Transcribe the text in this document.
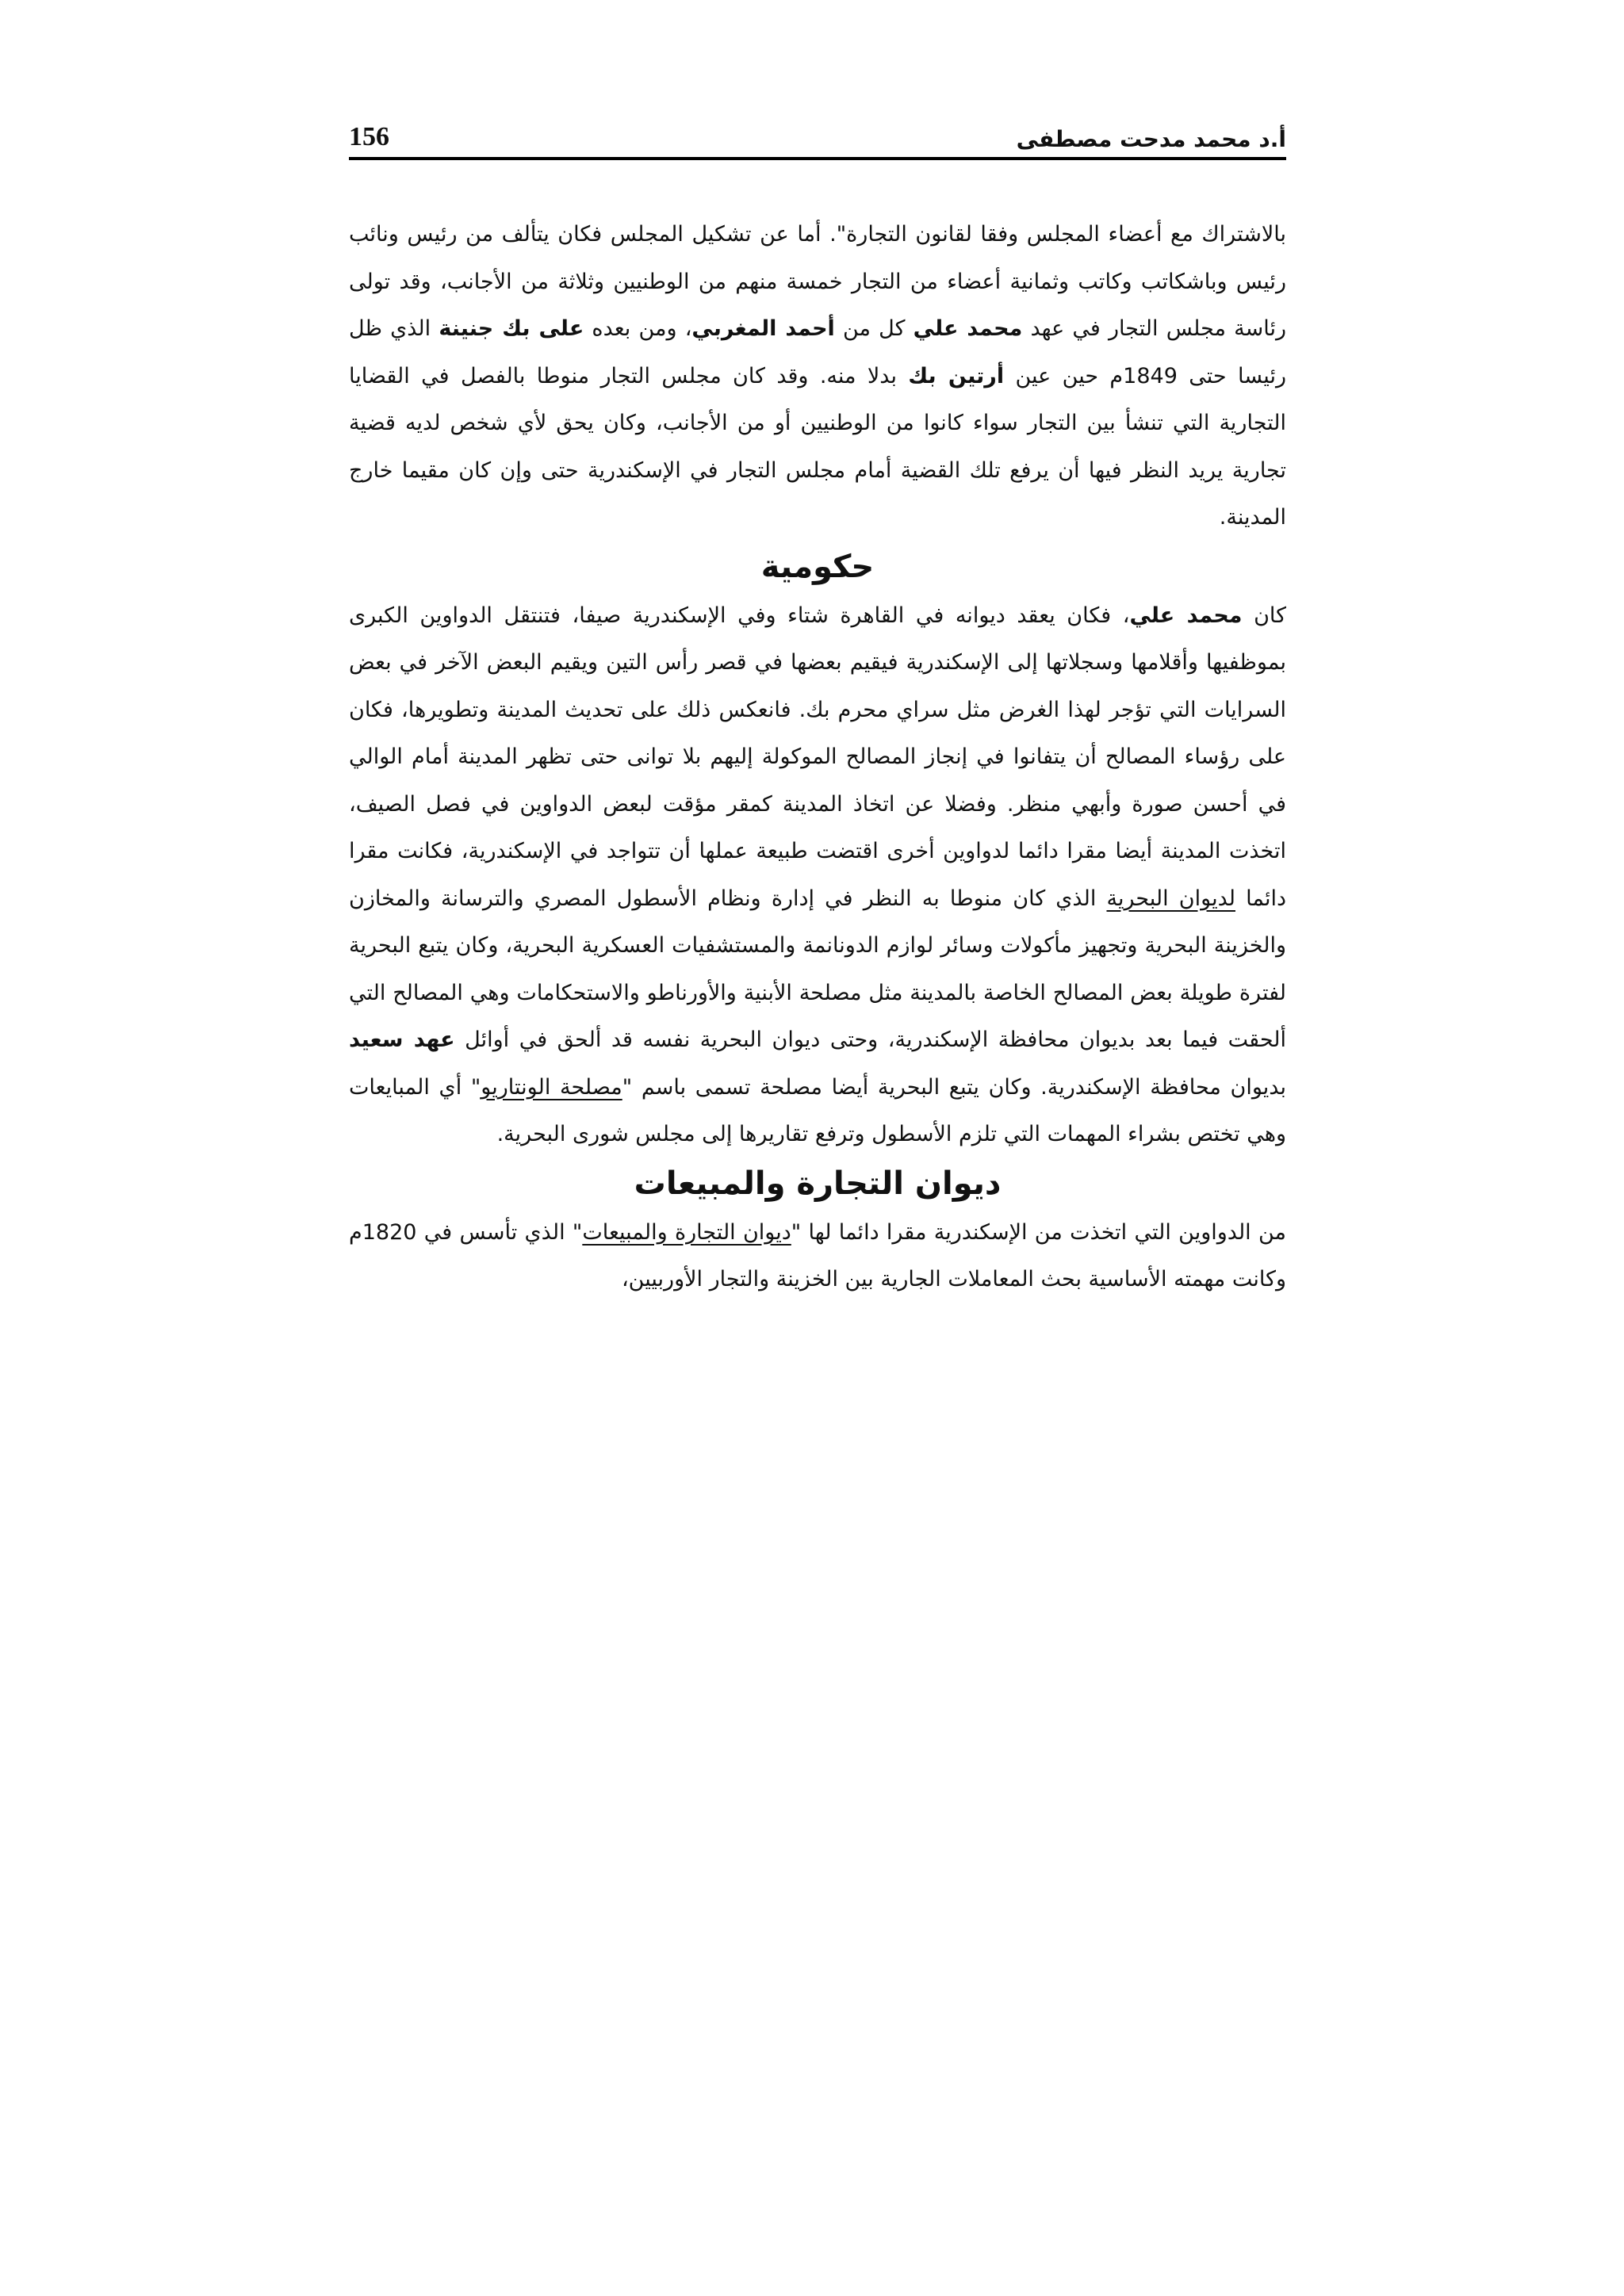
أ.د محمد مدحت مصطفى
156

بالاشتراك مع أعضاء المجلس وفقا لقانون التجارة". أما عن تشكيل المجلس فكان يتألف من رئيس ونائب رئيس وباشكاتب وكاتب وثمانية أعضاء من التجار خمسة منهم من الوطنيين وثلاثة من الأجانب، وقد تولى رئاسة مجلس التجار في عهد محمد علي كل من أحمد المغربي، ومن بعده على بك جنينة الذي ظل رئيسا حتى 1849م حين عين أرتين بك بدلا منه. وقد كان مجلس التجار منوطا بالفصل في القضايا التجارية التي تنشأ بين التجار سواء كانوا من الوطنيين أو من الأجانب، وكان يحق لأي شخص لديه قضية تجارية يريد النظر فيها أن يرفع تلك القضية أمام مجلس التجار في الإسكندرية حتى وإن كان مقيما خارج المدينة.

حكومية

كان محمد علي، فكان يعقد ديوانه في القاهرة شتاء وفي الإسكندرية صيفا، فتنتقل الدواوين الكبرى بموظفيها وأقلامها وسجلاتها إلى الإسكندرية فيقيم بعضها في قصر رأس التين ويقيم البعض الآخر في بعض السرايات التي تؤجر لهذا الغرض مثل سراي محرم بك. فانعكس ذلك على تحديث المدينة وتطويرها، فكان على رؤساء المصالح أن يتفانوا في إنجاز المصالح الموكولة إليهم بلا توانى حتى تظهر المدينة أمام الوالي في أحسن صورة وأبهي منظر. وفضلا عن اتخاذ المدينة كمقر مؤقت لبعض الدواوين في فصل الصيف، اتخذت المدينة أيضا مقرا دائما لدواوين أخرى اقتضت طبيعة عملها أن تتواجد في الإسكندرية، فكانت مقرا دائما لديوان البحرية الذي كان منوطا به النظر في إدارة ونظام الأسطول المصري والترسانة والمخازن والخزينة البحرية وتجهيز مأكولات وسائر لوازم الدونانمة والمستشفيات العسكرية البحرية، وكان يتبع البحرية لفترة طويلة بعض المصالح الخاصة بالمدينة مثل مصلحة الأبنية والأورناطو والاستحكامات وهي المصالح التي ألحقت فيما بعد بديوان محافظة الإسكندرية، وحتى ديوان البحرية نفسه قد ألحق في أوائل عهد سعيد بديوان محافظة الإسكندرية. وكان يتبع البحرية أيضا مصلحة تسمى باسم "مصلحة الونتاريو" أي المبايعات وهي تختص بشراء المهمات التي تلزم الأسطول وترفع تقاريرها إلى مجلس شورى البحرية.

ديوان التجارة والمبيعات

من الدواوين التي اتخذت من الإسكندرية مقرا دائما لها "ديوان التجارة والمبيعات" الذي تأسس في 1820م وكانت مهمته الأساسية بحث المعاملات الجارية بين الخزينة والتجار الأوربيين،
